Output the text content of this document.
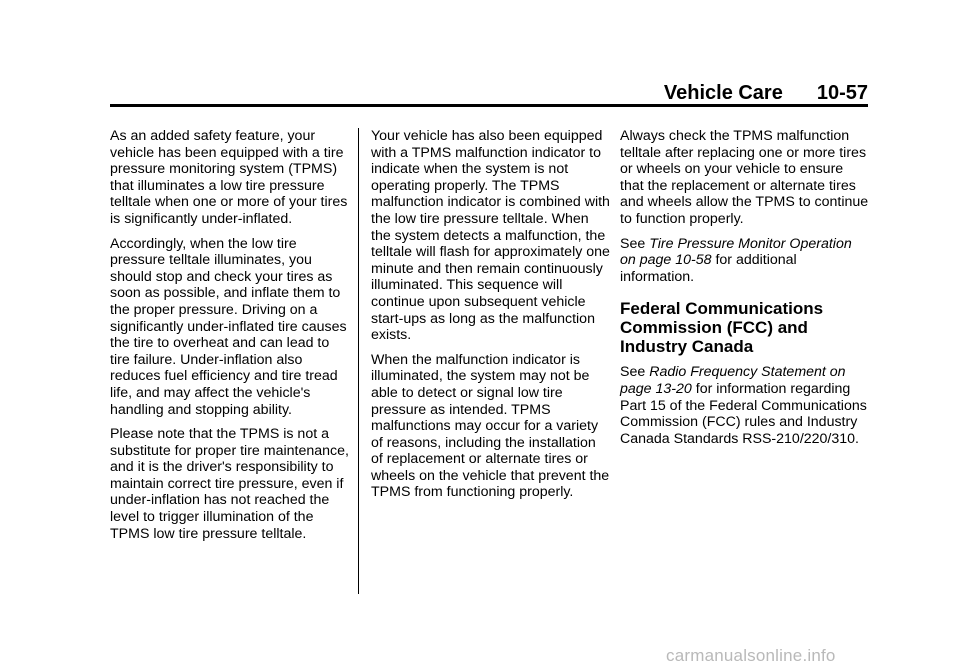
Vehicle Care 10-57

As an added safety feature, your vehicle has been equipped with a tire pressure monitoring system (TPMS) that illuminates a low tire pressure telltale when one or more of your tires is significantly under-inflated.

Accordingly, when the low tire pressure telltale illuminates, you should stop and check your tires as soon as possible, and inflate them to the proper pressure. Driving on a significantly under-inflated tire causes the tire to overheat and can lead to tire failure. Under-inflation also reduces fuel efficiency and tire tread life, and may affect the vehicle's handling and stopping ability.

Please note that the TPMS is not a substitute for proper tire maintenance, and it is the driver's responsibility to maintain correct tire pressure, even if under-inflation has not reached the level to trigger illumination of the TPMS low tire pressure telltale.

Your vehicle has also been equipped with a TPMS malfunction indicator to indicate when the system is not operating properly. The TPMS malfunction indicator is combined with the low tire pressure telltale. When the system detects a malfunction, the telltale will flash for approximately one minute and then remain continuously illuminated. This sequence will continue upon subsequent vehicle start-ups as long as the malfunction exists.

When the malfunction indicator is illuminated, the system may not be able to detect or signal low tire pressure as intended. TPMS malfunctions may occur for a variety of reasons, including the installation of replacement or alternate tires or wheels on the vehicle that prevent the TPMS from functioning properly.

Always check the TPMS malfunction telltale after replacing one or more tires or wheels on your vehicle to ensure that the replacement or alternate tires and wheels allow the TPMS to continue to function properly.

See Tire Pressure Monitor Operation on page 10-58 for additional information.

Federal Communications Commission (FCC) and Industry Canada

See Radio Frequency Statement on page 13-20 for information regarding Part 15 of the Federal Communications Commission (FCC) rules and Industry Canada Standards RSS-210/220/310.

carmanualsonline.info
